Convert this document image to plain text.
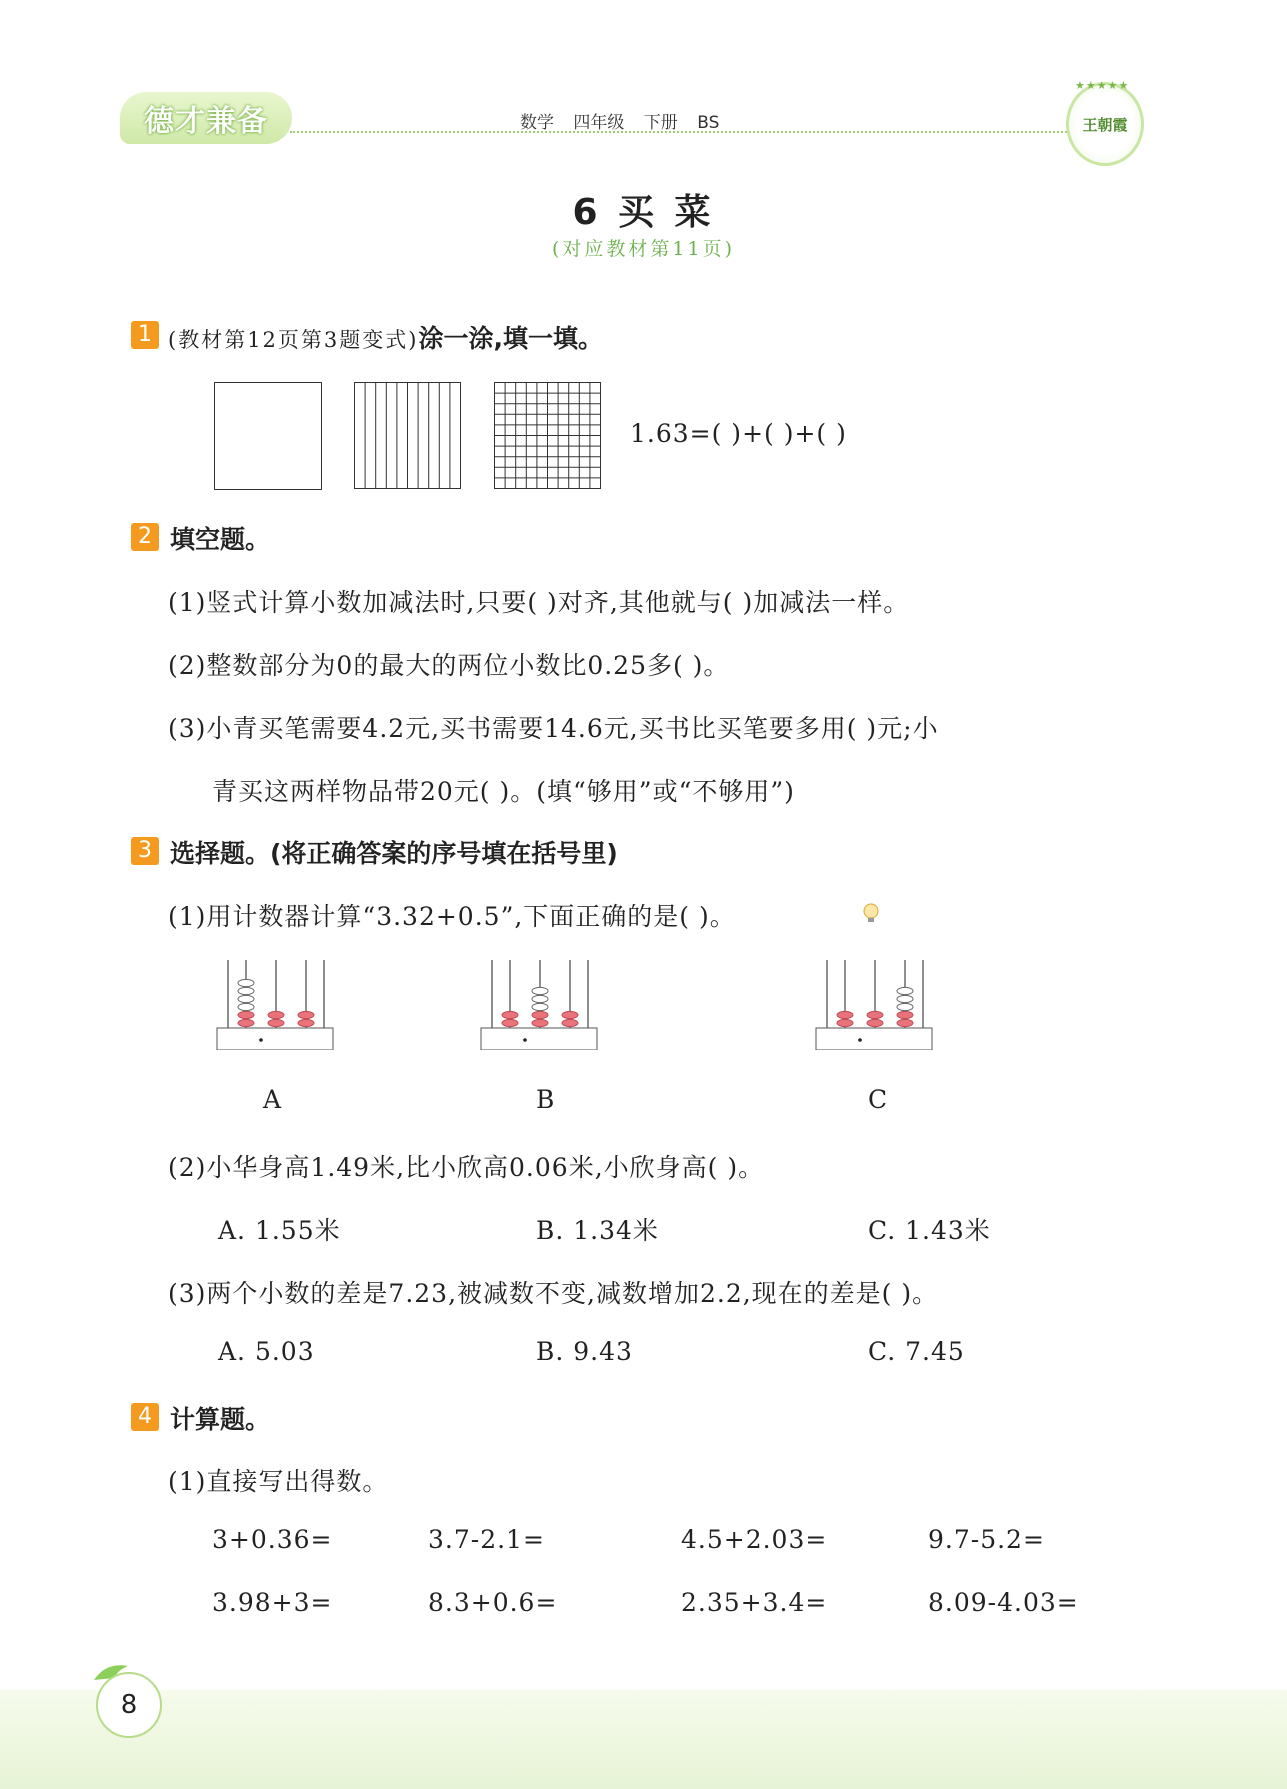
德才兼备	数学 四年级 下册 BS
★★★★★
王朝霞
6 买 菜
(对应教材第11页)
1 (教材第12页第3题变式)涂一涂,填一填。
1.63=( )+( )+( )
2 填空题。
(1)竖式计算小数加减法时,只要( )对齐,其他就与( )加减法一样。
(2)整数部分为0的最大的两位小数比0.25多( )。
(3)小青买笔需要4.2元,买书需要14.6元,买书比买笔要多用( )元;小
青买这两样物品带20元( )。(填“够用”或“不够用”)
3 选择题。(将正确答案的序号填在括号里)
(1)用计数器计算“3.32+0.5”,下面正确的是( )。
A	B	C
(2)小华身高1.49米,比小欣高0.06米,小欣身高( )。
A. 1.55米	B. 1.34米	C. 1.43米
(3)两个小数的差是7.23,被减数不变,减数增加2.2,现在的差是( )。
A. 5.03	B. 9.43	C. 7.45
4 计算题。
(1)直接写出得数。
3+0.36=	3.7-2.1=	4.5+2.03=	9.7-5.2=
3.98+3=	8.3+0.6=	2.35+3.4=	8.09-4.03=
8
